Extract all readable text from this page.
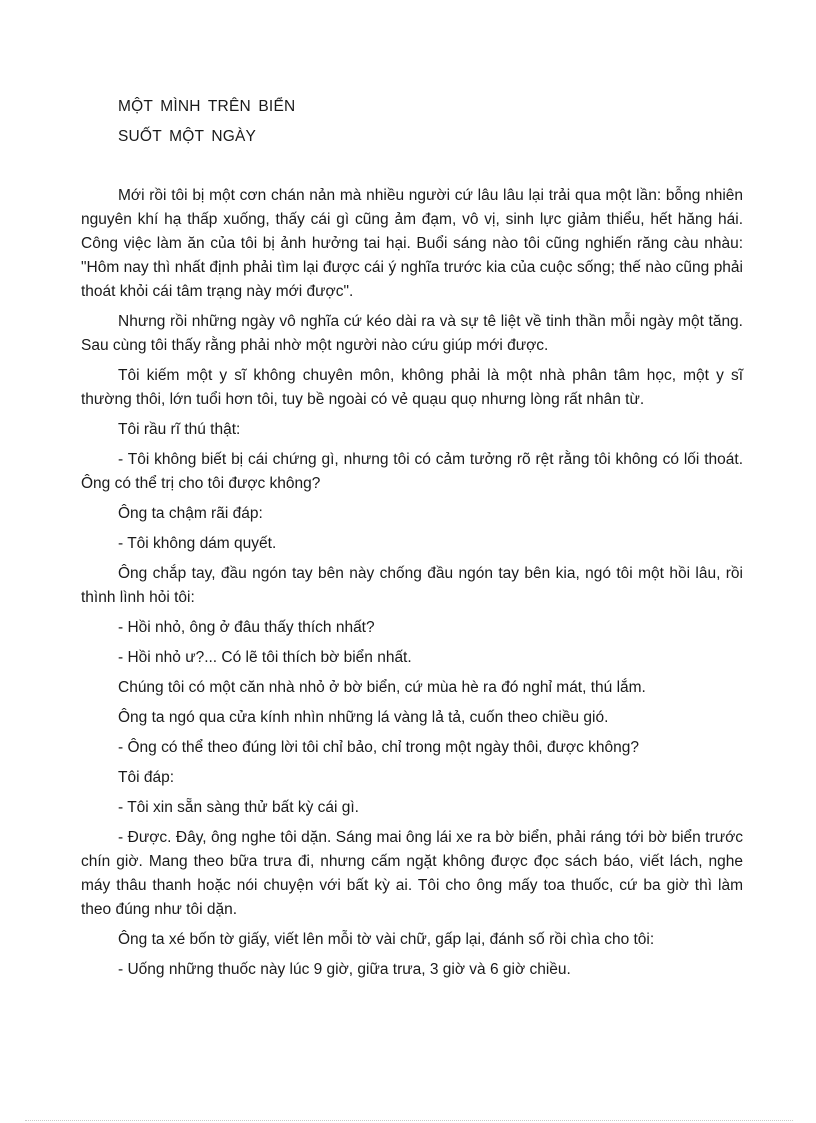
MỘT MÌNH TRÊN BIỂN
SUỐT MỘT NGÀY

Mới rồi tôi bị một cơn chán nản mà nhiều người cứ lâu lâu lại trải qua một lần: bỗng nhiên nguyên khí hạ thấp xuống, thấy cái gì cũng ảm đạm, vô vị, sinh lực giảm thiểu, hết hăng hái. Công việc làm ăn của tôi bị ảnh hưởng tai hại. Buổi sáng nào tôi cũng nghiến răng càu nhàu: "Hôm nay thì nhất định phải tìm lại được cái ý nghĩa trước kia của cuộc sống; thế nào cũng phải thoát khỏi cái tâm trạng này mới được".

Nhưng rồi những ngày vô nghĩa cứ kéo dài ra và sự tê liệt về tinh thần mỗi ngày một tăng. Sau cùng tôi thấy rằng phải nhờ một người nào cứu giúp mới được.

Tôi kiếm một y sĩ không chuyên môn, không phải là một nhà phân tâm học, một y sĩ thường thôi, lớn tuổi hơn tôi, tuy bề ngoài có vẻ quạu quọ nhưng lòng rất nhân từ.

Tôi rầu rĩ thú thật:

- Tôi không biết bị cái chứng gì, nhưng tôi có cảm tưởng rõ rệt rằng tôi không có lối thoát. Ông có thể trị cho tôi được không?

Ông ta chậm rãi đáp:

- Tôi không dám quyết.

Ông chắp tay, đầu ngón tay bên này chống đầu ngón tay bên kia, ngó tôi một hồi lâu, rồi thình lình hỏi tôi:

- Hồi nhỏ, ông ở đâu thấy thích nhất?

- Hồi nhỏ ư?... Có lẽ tôi thích bờ biển nhất.

Chúng tôi có một căn nhà nhỏ ở bờ biển, cứ mùa hè ra đó nghỉ mát, thú lắm.

Ông ta ngó qua cửa kính nhìn những lá vàng lả tả, cuốn theo chiều gió.

- Ông có thể theo đúng lời tôi chỉ bảo, chỉ trong một ngày thôi, được không?

Tôi đáp:

- Tôi xin sẵn sàng thử bất kỳ cái gì.

- Được. Đây, ông nghe tôi dặn. Sáng mai ông lái xe ra bờ biển, phải ráng tới bờ biển trước chín giờ. Mang theo bữa trưa đi, nhưng cấm ngặt không được đọc sách báo, viết lách, nghe máy thâu thanh hoặc nói chuyện với bất kỳ ai. Tôi cho ông mấy toa thuốc, cứ ba giờ thì làm theo đúng như tôi dặn.

Ông ta xé bốn tờ giấy, viết lên mỗi tờ vài chữ, gấp lại, đánh số rồi chìa cho tôi:

- Uống những thuốc này lúc 9 giờ, giữa trưa, 3 giờ và 6 giờ chiều.
